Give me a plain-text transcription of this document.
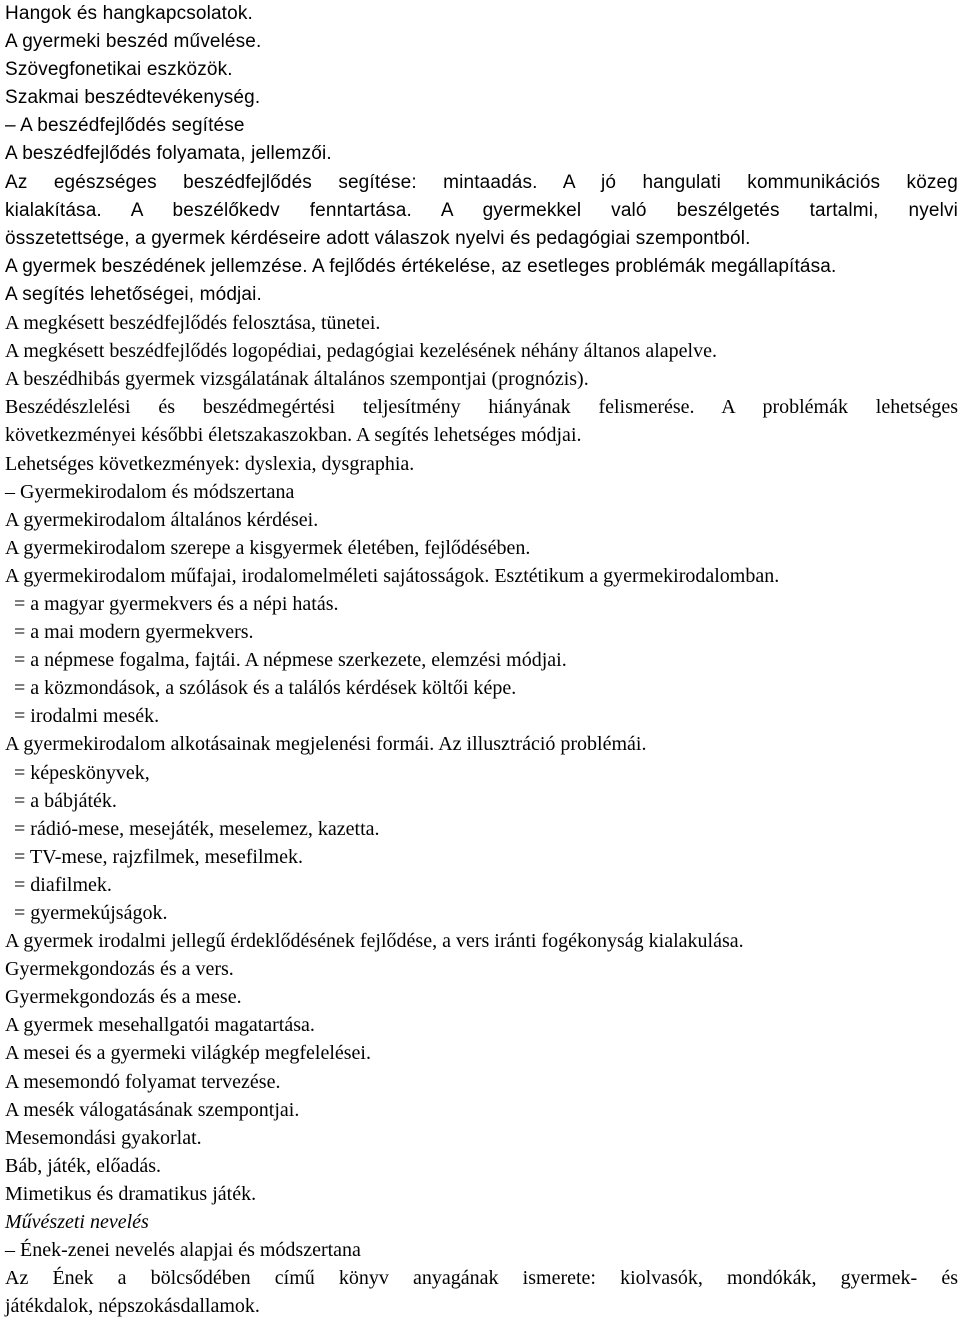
Hangok és hangkapcsolatok.

A gyermeki beszéd művelése.

Szövegfonetikai eszközök.

Szakmai beszédtevékenység.

– A beszédfejlődés segítése

A beszédfejlődés folyamata, jellemzői.

Az egészséges beszédfejlődés segítése: mintaadás. A jó hangulati kommunikációs közeg

kialakítása. A beszélőkedv fenntartása. A gyermekkel való beszélgetés tartalmi, nyelvi

összetettsége, a gyermek kérdéseire adott válaszok nyelvi és pedagógiai szempontból.

A gyermek beszédének jellemzése. A fejlődés értékelése, az esetleges problémák megállapítása.

A segítés lehetőségei, módjai.

A megkésett beszédfejlődés felosztása, tünetei.

A megkésett beszédfejlődés logopédiai, pedagógiai kezelésének néhány áltanos alapelve.

A beszédhibás gyermek vizsgálatának általános szempontjai (prognózis).

Beszédészlelési és beszédmegértési teljesítmény hiányának felismerése. A problémák lehetséges

következményei későbbi életszakaszokban. A segítés lehetséges módjai.

Lehetséges következmények: dyslexia, dysgraphia.

– Gyermekirodalom és módszertana

A gyermekirodalom általános kérdései.

A gyermekirodalom szerepe a kisgyermek életében, fejlődésében.

A gyermekirodalom műfajai, irodalomelméleti sajátosságok. Esztétikum a gyermekirodalomban.

= a magyar gyermekvers és a népi hatás.

= a mai modern gyermekvers.

= a népmese fogalma, fajtái. A népmese szerkezete, elemzési módjai.

= a közmondások, a szólások és a találós kérdések költői képe.

= irodalmi mesék.

A gyermekirodalom alkotásainak megjelenési formái. Az illusztráció problémái.

= képeskönyvek,

= a bábjáték.

= rádió-mese, mesejáték, meselemez, kazetta.

= TV-mese, rajzfilmek, mesefilmek.

= diafilmek.

= gyermekújságok.

A gyermek irodalmi jellegű érdeklődésének fejlődése, a vers iránti fogékonyság kialakulása.

Gyermekgondozás és a vers.

Gyermekgondozás és a mese.

A gyermek mesehallgatói magatartása.

A mesei és a gyermeki világkép megfelelései.

A mesemondó folyamat tervezése.

A mesék válogatásának szempontjai.

Mesemondási gyakorlat.

Báb, játék, előadás.

Mimetikus és dramatikus játék.

Művészeti nevelés

– Ének-zenei nevelés alapjai és módszertana

Az Ének a bölcsődében című könyv anyagának ismerete: kiolvasók, mondókák, gyermek- és

játékdalok, népszokásdallamok.
